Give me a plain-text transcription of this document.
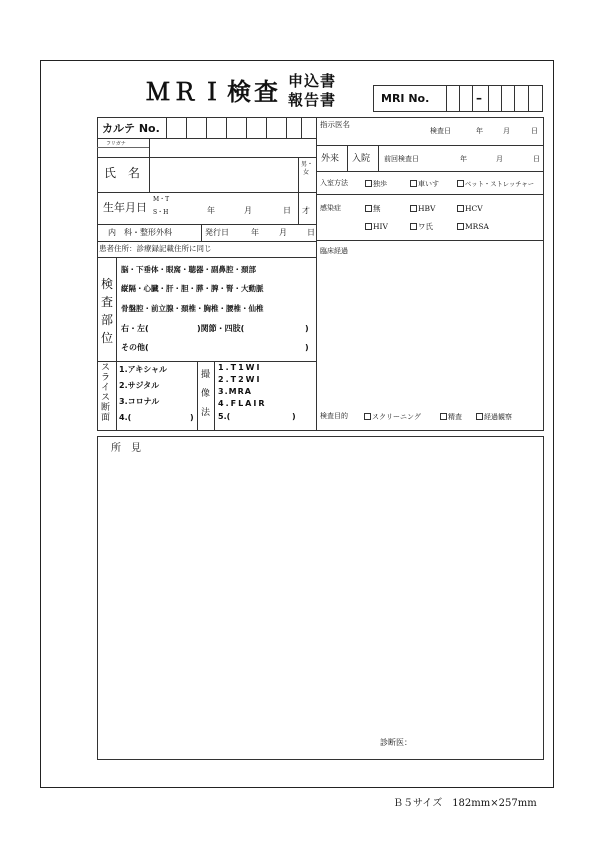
ＭＲＩ検査 申込書
報告書	MRI No.	–
カルテ No.
フリガナ
氏　名
男・女
生年月日
M・T
S・H	年	月	日 才
内　科・整形外科	発行日	年	月	日
患者住所：診療録記載住所に同じ
検査部位
脳・下垂体・眼窩・聴器・副鼻腔・頚部
縦隔・心臓・肝・胆・膵・脾・腎・大動脈
骨盤腔・前立腺・頚椎・胸椎・腰椎・仙椎
右・左(	)関節・四肢(	)
その他(	)
スライス断面
1.アキシャル
2.サジタル
3.コロナル
4.(	)
撮像法
1.T1WI
2.T2WI
3.MRA
4.FLAIR
5.(	)
指示医名
検査日	年	月	日
外来 入院 前回検査日	年	月	日
入室方法	独歩	車いす	ベット・ストレッチャー
感染症	無	HBV	HCV
HIV	ワ氏	MRSA
臨床経過
検査目的	スクリーニング	精査	経過観察
所　見
診断医：
Ｂ５サイズ　182mm×257mm
